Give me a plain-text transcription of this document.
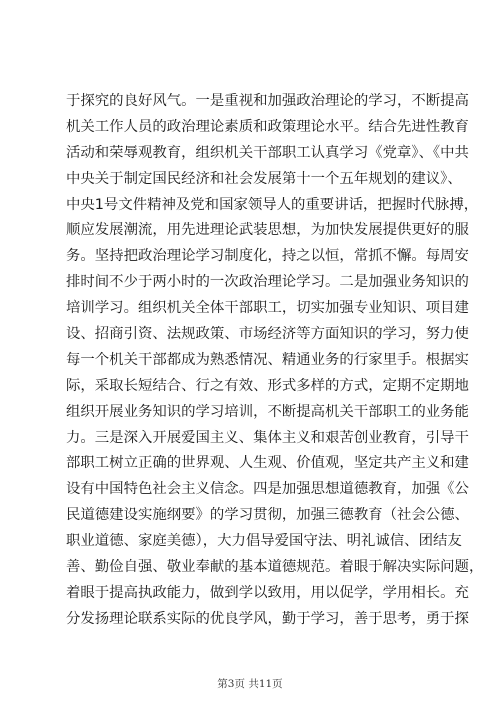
于探究的良好风气。一是重视和加强政治理论的学习，不断提高
机关工作人员的政治理论素质和政策理论水平。结合先进性教育
活动和荣辱观教育，组织机关干部职工认真学习《党章》、《中共
中央关于制定国民经济和社会发展第十一个五年规划的建议》、
中央1号文件精神及党和国家领导人的重要讲话，把握时代脉搏，
顺应发展潮流，用先进理论武装思想，为加快发展提供更好的服
务。坚持把政治理论学习制度化，持之以恒，常抓不懈。每周安
排时间不少于两小时的一次政治理论学习。二是加强业务知识的
培训学习。组织机关全体干部职工，切实加强专业知识、项目建
设、招商引资、法规政策、市场经济等方面知识的学习，努力使
每一个机关干部都成为熟悉情况、精通业务的行家里手。根据实
际，采取长短结合、行之有效、形式多样的方式，定期不定期地
组织开展业务知识的学习培训，不断提高机关干部职工的业务能
力。三是深入开展爱国主义、集体主义和艰苦创业教育，引导干
部职工树立正确的世界观、人生观、价值观，坚定共产主义和建
设有中国特色社会主义信念。四是加强思想道德教育，加强《公
民道德建设实施纲要》的学习贯彻，加强三德教育（社会公德、
职业道德、家庭美德），大力倡导爱国守法、明礼诚信、团结友
善、勤俭自强、敬业奉献的基本道德规范。着眼于解决实际问题，
着眼于提高执政能力，做到学以致用，用以促学，学用相长。充
分发扬理论联系实际的优良学风，勤于学习，善于思考，勇于探
第3页 共11页
